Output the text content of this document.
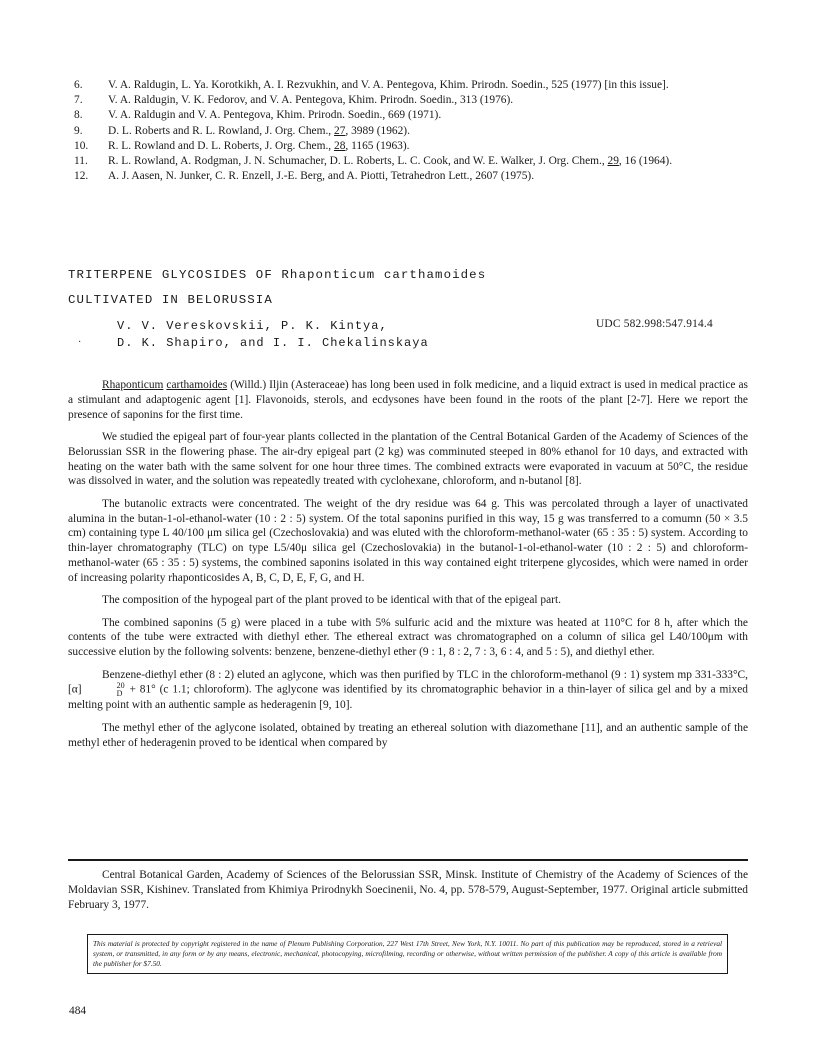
6.	V. A. Raldugin, L. Ya. Korotkikh, A. I. Rezvukhin, and V. A. Pentegova, Khim. Prirodn. Soedin., 525 (1977) [in this issue].
7.	V. A. Raldugin, V. K. Fedorov, and V. A. Pentegova, Khim. Prirodn. Soedin., 313 (1976).
8.	V. A. Raldugin and V. A. Pentegova, Khim. Prirodn. Soedin., 669 (1971).
9.	D. L. Roberts and R. L. Rowland, J. Org. Chem., 27, 3989 (1962).
10.	R. L. Rowland and D. L. Roberts, J. Org. Chem., 28, 1165 (1963).
11.	R. L. Rowland, A. Rodgman, J. N. Schumacher, D. L. Roberts, L. C. Cook, and W. E. Walker, J. Org. Chem., 29, 16 (1964).
12.	A. J. Aasen, N. Junker, C. R. Enzell, J.-E. Berg, and A. Piotti, Tetrahedron Lett., 2607 (1975).
TRITERPENE GLYCOSIDES OF Rhaponticum carthamoides
CULTIVATED IN BELORUSSIA
V. V. Vereskovskii, P. K. Kintya,
D. K. Shapiro, and I. I. Chekalinskaya
·
UDC 582.998:547.914.4

Rhaponticum carthamoides (Willd.) Iljin (Asteraceae) has long been used in folk medicine, and a liquid extract is used in medical practice as a stimulant and adaptogenic agent [1]. Flavonoids, sterols, and ecdysones have been found in the roots of the plant [2-7]. Here we report the presence of saponins for the first time.

We studied the epigeal part of four-year plants collected in the plantation of the Central Botanical Garden of the Academy of Sciences of the Belorussian SSR in the flowering phase. The air-dry epigeal part (2 kg) was comminuted steeped in 80% ethanol for 10 days, and extracted with heating on the water bath with the same solvent for one hour three times. The combined extracts were evaporated in vacuum at 50°C, the residue was dissolved in water, and the solution was repeatedly treated with cyclohexane, chloroform, and n-butanol [8].

The butanolic extracts were concentrated. The weight of the dry residue was 64 g. This was percolated through a layer of unactivated alumina in the butan-1-ol-ethanol-water (10 : 2 : 5) system. Of the total saponins purified in this way, 15 g was transferred to a comumn (50 × 3.5 cm) containing type L 40/100 μm silica gel (Czechoslovakia) and was eluted with the chloroform-methanol-water (65 : 35 : 5) system. According to thin-layer chromatography (TLC) on type L5/40μ silica gel (Czechoslovakia) in the butanol-1-ol-ethanol-water (10 : 2 : 5) and chloroform-methanol-water (65 : 35 : 5) systems, the combined saponins isolated in this way contained eight triterpene glycosides, which were named in order of increasing polarity rhaponticosides A, B, C, D, E, F, G, and H.

The composition of the hypogeal part of the plant proved to be identical with that of the epigeal part.

The combined saponins (5 g) were placed in a tube with 5% sulfuric acid and the mixture was heated at 110°C for 8 h, after which the contents of the tube were extracted with diethyl ether. The ethereal extract was chromatographed on a column of silica gel L40/100μm with successive elution by the following solvents: benzene, benzene-diethyl ether (9 : 1, 8 : 2, 7 : 3, 6 : 4, and 5 : 5), and diethyl ether.

Benzene-diethyl ether (8 : 2) eluted an aglycone, which was then purified by TLC in the chloroform-methanol (9 : 1) system mp 331-333°C, [α]	20
D + 81° (c 1.1; chloroform). The aglycone was identified by its chromatographic behavior in a thin-layer of silica gel and by a mixed melting point with an authentic sample as hederagenin [9, 10].

The methyl ether of the aglycone isolated, obtained by treating an ethereal solution with diazomethane [11], and an authentic sample of the methyl ether of hederagenin proved to be identical when compared by

Central Botanical Garden, Academy of Sciences of the Belorussian SSR, Minsk. Institute of Chemistry of the Academy of Sciences of the Moldavian SSR, Kishinev. Translated from Khimiya Prirodnykh Soecinenii, No. 4, pp. 578-579, August-September, 1977. Original article submitted February 3, 1977.
This material is protected by copyright registered in the name of Plenum Publishing Corporation, 227 West 17th Street, New York, N.Y. 10011. No part of this publication may be reproduced, stored in a retrieval system, or transmitted, in any form or by any means, electronic, mechanical, photocopying, microfilming, recording or otherwise, without written permission of the publisher. A copy of this article is available from the publisher for $7.50.
484
